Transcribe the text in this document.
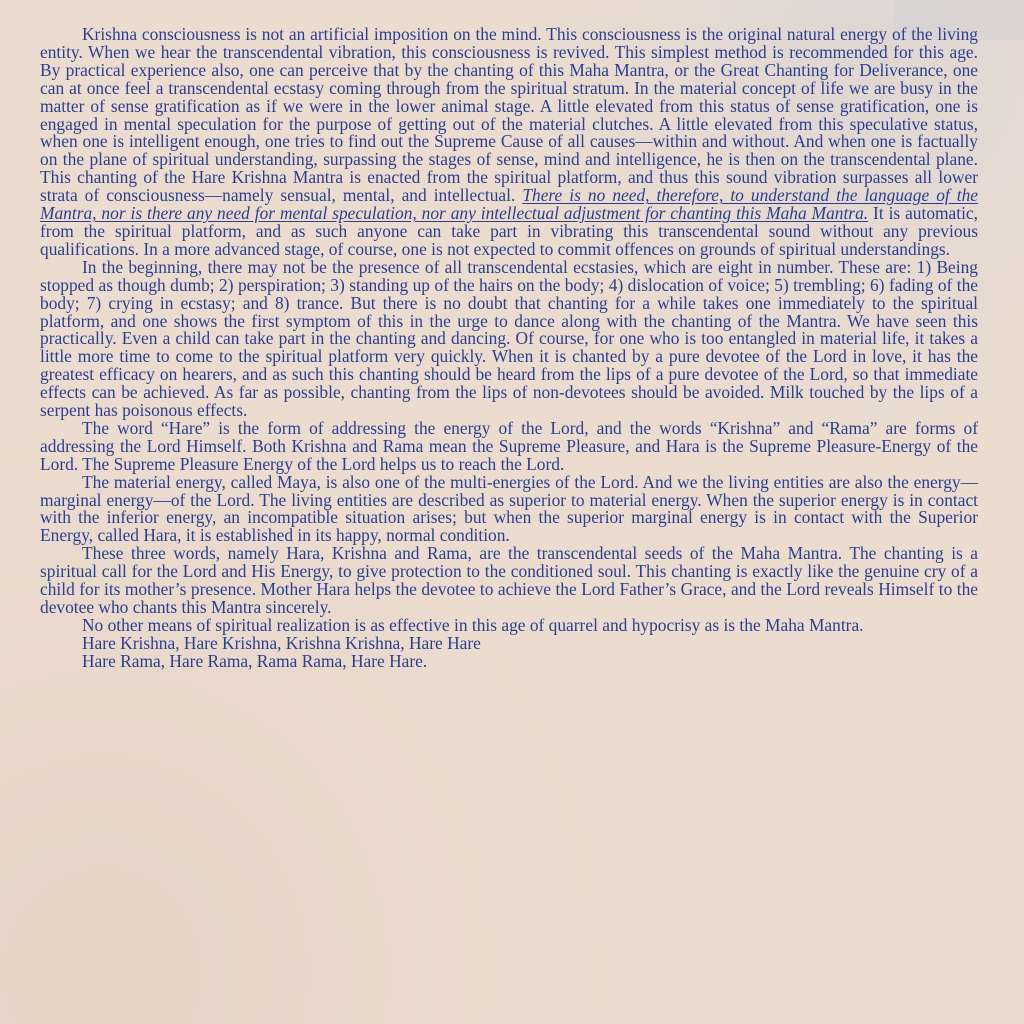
Krishna consciousness is not an artificial imposition on the mind. This consciousness is the original natural energy of the living entity. When we hear the transcendental vibration, this consciousness is revived. This simplest method is recommended for this age. By practical experience also, one can perceive that by the chanting of this Maha Mantra, or the Great Chanting for Deliverance, one can at once feel a transcendental ecstasy coming through from the spiritual stratum. In the material concept of life we are busy in the matter of sense gratification as if we were in the lower animal stage. A little elevated from this status of sense gratification, one is engaged in mental speculation for the purpose of getting out of the material clutches. A little elevated from this speculative status, when one is intelligent enough, one tries to find out the Supreme Cause of all causes—within and without. And when one is factually on the plane of spiritual understanding, surpassing the stages of sense, mind and intelligence, he is then on the transcendental plane. This chanting of the Hare Krishna Mantra is enacted from the spiritual platform, and thus this sound vibration surpasses all lower strata of consciousness—namely sensual, mental, and intellectual. There is no need, therefore, to understand the language of the Mantra, nor is there any need for mental speculation, nor any intellectual adjustment for chanting this Maha Mantra. It is automatic, from the spiritual platform, and as such anyone can take part in vibrating this transcendental sound without any previous qualifications. In a more advanced stage, of course, one is not expected to commit offences on grounds of spiritual understandings.

In the beginning, there may not be the presence of all transcendental ecstasies, which are eight in number. These are: 1) Being stopped as though dumb; 2) perspiration; 3) standing up of the hairs on the body; 4) dislocation of voice; 5) trembling; 6) fading of the body; 7) crying in ecstasy; and 8) trance. But there is no doubt that chanting for a while takes one immediately to the spiritual platform, and one shows the first symptom of this in the urge to dance along with the chanting of the Mantra. We have seen this practically. Even a child can take part in the chanting and dancing. Of course, for one who is too entangled in material life, it takes a little more time to come to the spiritual platform very quickly. When it is chanted by a pure devotee of the Lord in love, it has the greatest efficacy on hearers, and as such this chanting should be heard from the lips of a pure devotee of the Lord, so that immediate effects can be achieved. As far as possible, chanting from the lips of non-devotees should be avoided. Milk touched by the lips of a serpent has poisonous effects.

The word “Hare” is the form of addressing the energy of the Lord, and the words “Krishna” and “Rama” are forms of addressing the Lord Himself. Both Krishna and Rama mean the Supreme Pleasure, and Hara is the Supreme Pleasure-Energy of the Lord. The Supreme Pleasure Energy of the Lord helps us to reach the Lord.

The material energy, called Maya, is also one of the multi-energies of the Lord. And we the living entities are also the energy—marginal energy—of the Lord. The living entities are described as superior to material energy. When the superior energy is in contact with the inferior energy, an incompatible situation arises; but when the superior marginal energy is in contact with the Superior Energy, called Hara, it is established in its happy, normal condition.

These three words, namely Hara, Krishna and Rama, are the transcendental seeds of the Maha Mantra. The chanting is a spiritual call for the Lord and His Energy, to give protection to the conditioned soul. This chanting is exactly like the genuine cry of a child for its mother’s presence. Mother Hara helps the devotee to achieve the Lord Father’s Grace, and the Lord reveals Himself to the devotee who chants this Mantra sincerely.

No other means of spiritual realization is as effective in this age of quarrel and hypocrisy as is the Maha Mantra.

Hare Krishna, Hare Krishna, Krishna Krishna, Hare Hare

Hare Rama, Hare Rama, Rama Rama, Hare Hare.
